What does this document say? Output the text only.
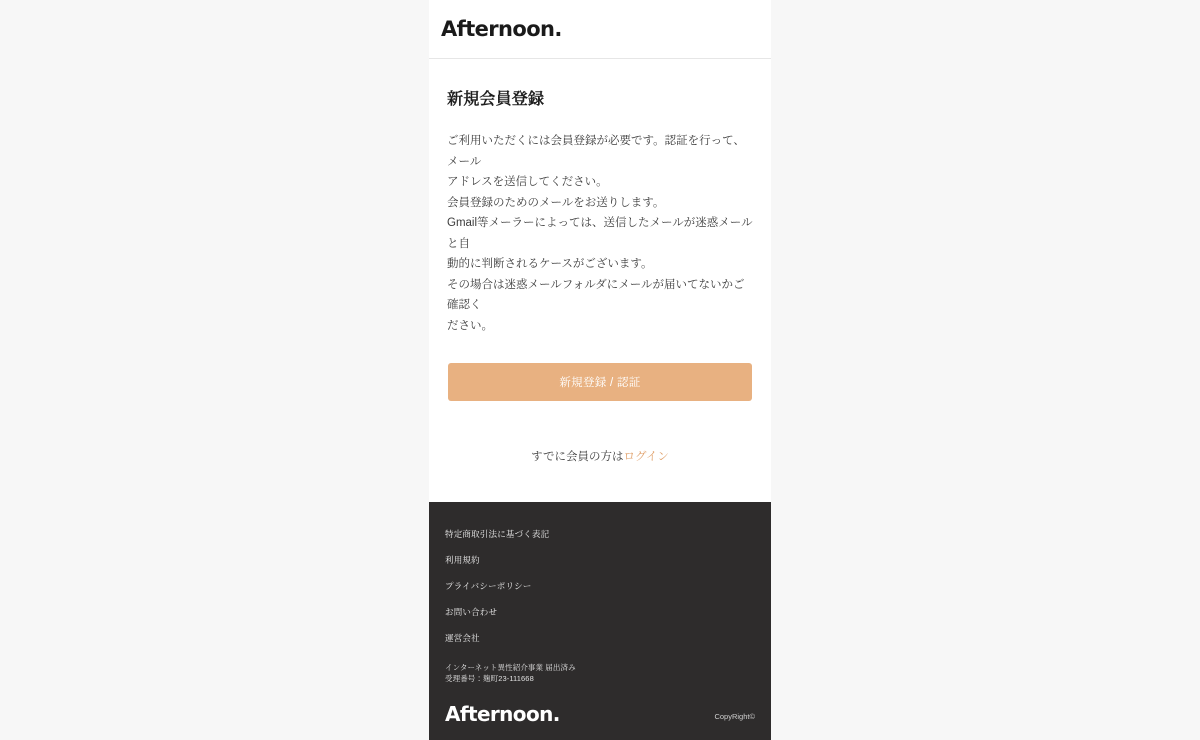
Afternoon.
新規会員登録

ご利用いただくには会員登録が必要です。認証を行って、メール

アドレスを送信してください。

会員登録のためのメールをお送りします。

Gmail等メーラーによっては、送信したメールが迷惑メールと自

動的に判断されるケースがございます。

その場合は迷惑メールフォルダにメールが届いてないかご確認く

ださい。

新規登録 / 認証
すでに会員の方はログイン
特定商取引法に基づく表記
利用規約
プライバシーポリシー
お問い合わせ
運営会社
インターネット異性紹介事業 届出済み
受理番号：麹町23-111668
Afternoon.	CopyRight©
